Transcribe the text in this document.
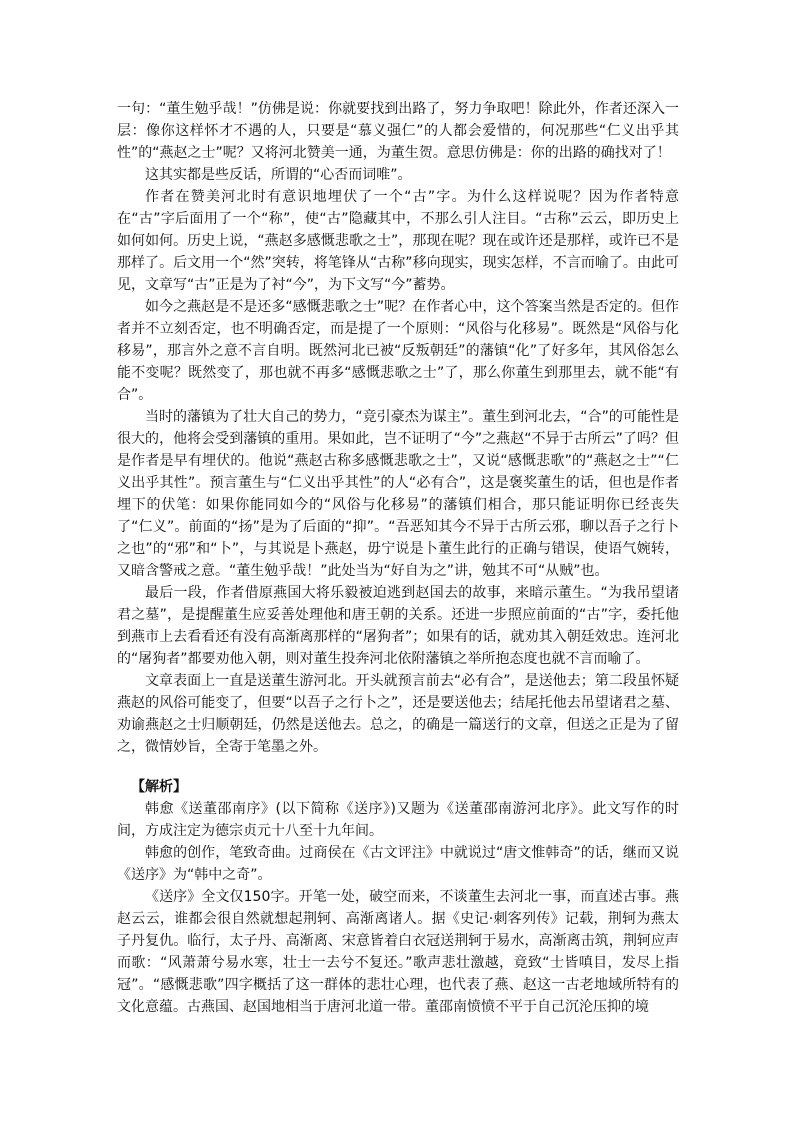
一句：“董生勉乎哉！”仿佛是说：你就要找到出路了，努力争取吧！除此外，作者还深入一层：像你这样怀才不遇的人，只要是“慕义强仁”的人都会爱惜的，何况那些“仁义出乎其性”的“燕赵之士”呢？又将河北赞美一通，为董生贺。意思仿佛是：你的出路的确找对了！

这其实都是些反话，所谓的“心否而词唯”。

作者在赞美河北时有意识地埋伏了一个“古”字。为什么这样说呢？因为作者特意在“古”字后面用了一个“称”，使“古”隐藏其中，不那么引人注目。“古称”云云，即历史上如何如何。历史上说，“燕赵多感慨悲歌之士”，那现在呢？现在或许还是那样，或许已不是那样了。后文用一个“然”突转，将笔锋从“古称”移向现实，现实怎样，不言而喻了。由此可见，文章写“古”正是为了衬“今”，为下文写“今”蓄势。

如今之燕赵是不是还多“感慨悲歌之士”呢？在作者心中，这个答案当然是否定的。但作者并不立刻否定，也不明确否定，而是提了一个原则：“风俗与化移易”。既然是“风俗与化移易”，那言外之意不言自明。既然河北已被“反叛朝廷”的藩镇“化”了好多年，其风俗怎么能不变呢？既然变了，那也就不再多“感慨悲歌之士”了，那么你董生到那里去，就不能“有合”。

当时的藩镇为了壮大自己的势力，“竞引豪杰为谋主”。董生到河北去，“合”的可能性是很大的，他将会受到藩镇的重用。果如此，岂不证明了“今”之燕赵“不异于古所云”了吗？但是作者是早有埋伏的。他说“燕赵古称多感慨悲歌之士”，又说“感慨悲歌”的“燕赵之士”“仁义出乎其性”。预言董生与“仁义出乎其性”的人“必有合”，这是褒奖董生的话，但也是作者埋下的伏笔：如果你能同如今的“风俗与化移易”的藩镇们相合，那只能证明你已经丧失了“仁义”。前面的“扬”是为了后面的“抑”。“吾恶知其今不异于古所云邪，聊以吾子之行卜之也”的“邪”和“卜”，与其说是卜燕赵，毋宁说是卜董生此行的正确与错误，使语气婉转，又暗含警戒之意。“董生勉乎哉！”此处当为“好自为之”讲，勉其不可“从贼”也。

最后一段，作者借原燕国大将乐毅被迫逃到赵国去的故事，来暗示董生。“为我吊望诸君之墓”，是提醒董生应妥善处理他和唐王朝的关系。还进一步照应前面的“古”字，委托他到燕市上去看看还有没有高渐离那样的“屠狗者”；如果有的话，就劝其入朝廷效忠。连河北的“屠狗者”都要劝他入朝，则对董生投奔河北依附藩镇之举所抱态度也就不言而喻了。

文章表面上一直是送董生游河北。开头就预言前去“必有合”，是送他去；第二段虽怀疑燕赵的风俗可能变了，但要“以吾子之行卜之”，还是要送他去；结尾托他去吊望诸君之墓、劝谕燕赵之士归顺朝廷，仍然是送他去。总之，的确是一篇送行的文章，但送之正是为了留之，微情妙旨，全寄于笔墨之外。

【解析】

韩愈《送董邵南序》(以下简称《送序》)又题为《送董邵南游河北序》。此文写作的时间，方成注定为德宗贞元十八至十九年间。

韩愈的创作，笔致奇曲。过商侯在《古文评注》中就说过“唐文惟韩奇”的话，继而又说《送序》为“韩中之奇”。

《送序》全文仅150字。开笔一处，破空而来，不谈董生去河北一事，而直述古事。燕赵云云，谁都会很自然就想起荆轲、高渐离诸人。据《史记·刺客列传》记载，荆轲为燕太子丹复仇。临行，太子丹、高渐离、宋意皆着白衣冠送荆轲于易水，高渐离击筑，荆轲应声而歌：“风萧萧兮易水寒，壮士一去兮不复还。”歌声悲壮激越，竟致“士皆嗔目，发尽上指冠”。“感慨悲歌”四字概括了这一群体的悲壮心理，也代表了燕、赵这一古老地域所特有的文化意蕴。古燕国、赵国地相当于唐河北道一带。董邵南愤愤不平于自己沉沦压抑的境
